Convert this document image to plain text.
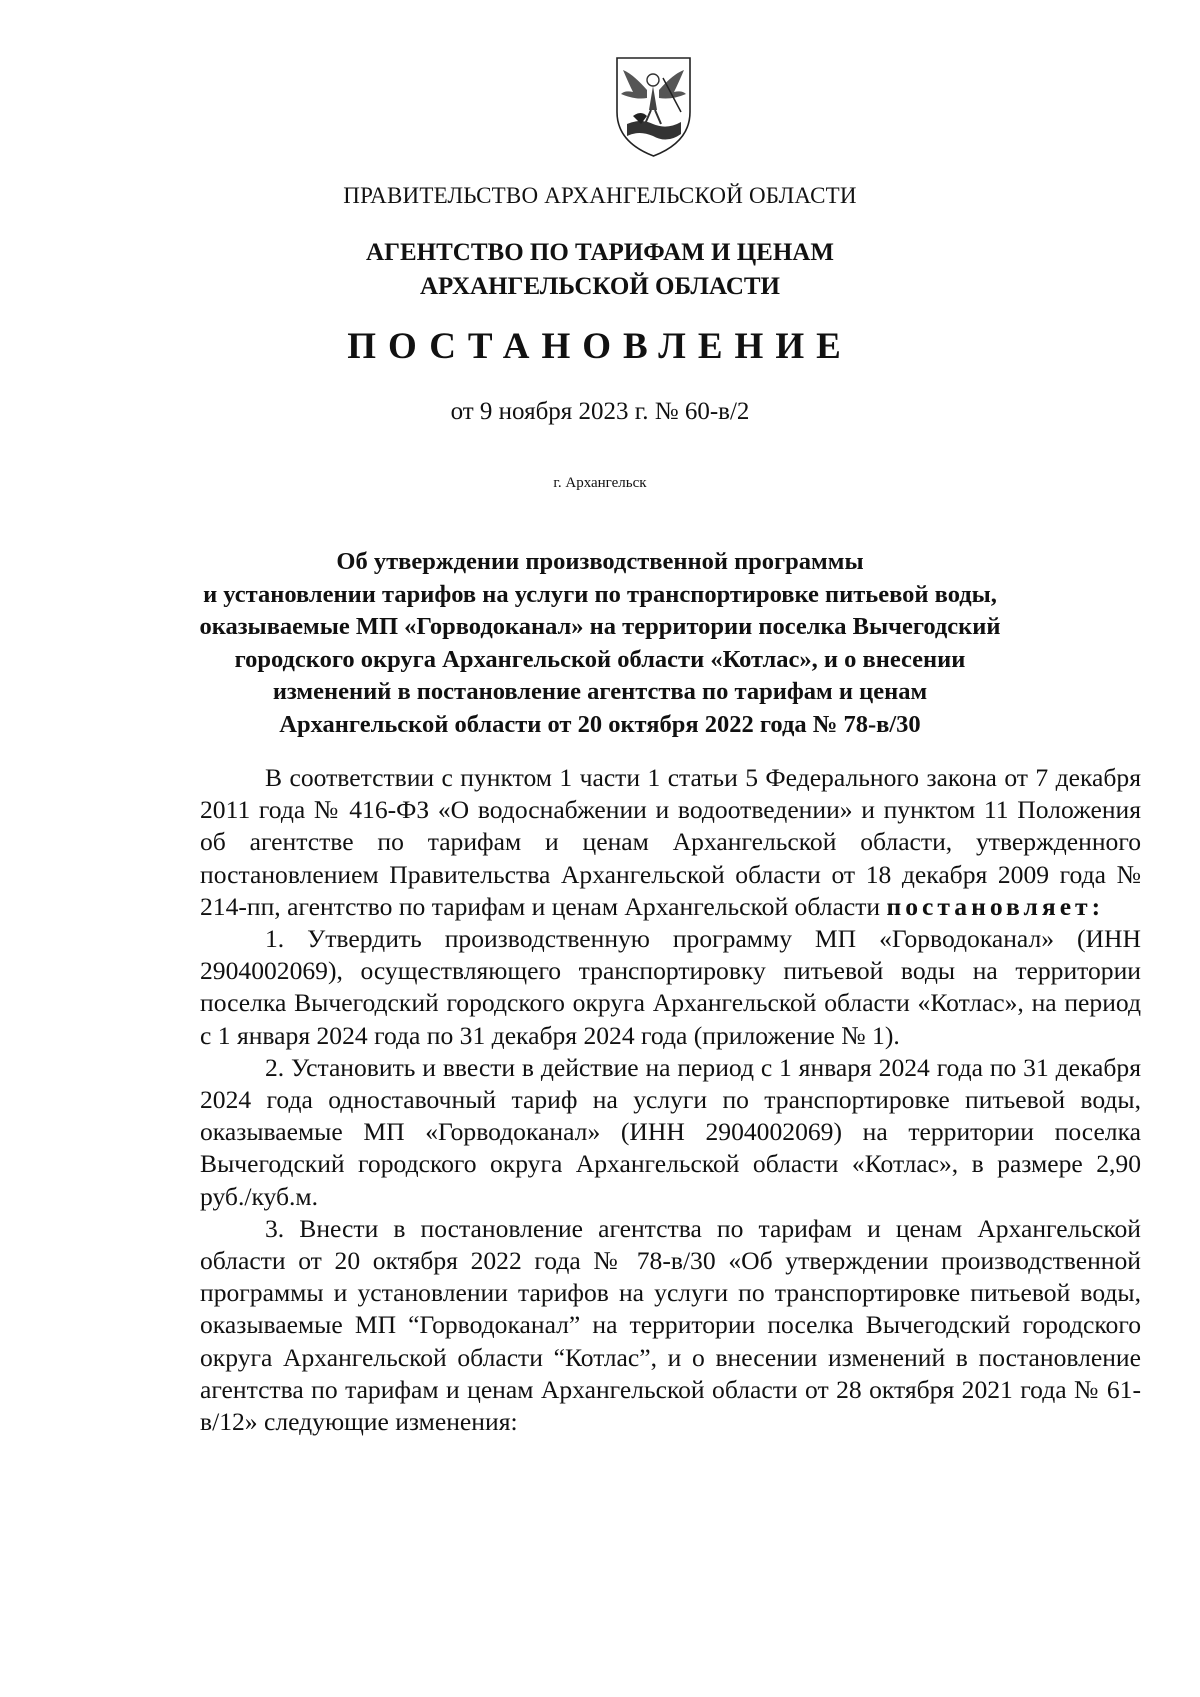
ПРАВИТЕЛЬСТВО АРХАНГЕЛЬСКОЙ ОБЛАСТИ
АГЕНТСТВО ПО ТАРИФАМ И ЦЕНАМ
АРХАНГЕЛЬСКОЙ ОБЛАСТИ
ПОСТАНОВЛЕНИЕ
от 9 ноября 2023 г. № 60-в/2
г. Архангельск
Об утверждении производственной программы
и установлении тарифов на услуги по транспортировке питьевой воды,
оказываемые МП «Горводоканал» на территории поселка Вычегодский
городского округа Архангельской области «Котлас», и о внесении
изменений в постановление агентства по тарифам и ценам
Архангельской области от 20 октября 2022 года № 78-в/30

В соответствии с пунктом 1 части 1 статьи 5 Федерального закона от 7 декабря 2011 года № 416-ФЗ «О водоснабжении и водоотведении» и пунктом 11 Положения об агентстве по тарифам и ценам Архангельской области, утвержденного постановлением Правительства Архангельской области от 18 декабря 2009 года № 214-пп, агентство по тарифам и ценам Архангельской области постановляет:

1. Утвердить производственную программу МП «Горводоканал» (ИНН 2904002069), осуществляющего транспортировку питьевой воды на территории поселка Вычегодский городского округа Архангельской области «Котлас», на период с 1 января 2024 года по 31 декабря 2024 года (приложение № 1).

2. Установить и ввести в действие на период с 1 января 2024 года по 31 декабря 2024 года одноставочный тариф на услуги по транспортировке питьевой воды, оказываемые МП «Горводоканал» (ИНН 2904002069) на территории поселка Вычегодский городского округа Архангельской области «Котлас», в размере 2,90 руб./куб.м.

3. Внести в постановление агентства по тарифам и ценам Архангельской области от 20 октября 2022 года № 78-в/30 «Об утверждении производственной программы и установлении тарифов на услуги по транспортировке питьевой воды, оказываемые МП “Горводоканал” на территории поселка Вычегодский городского округа Архангельской области “Котлас”, и о внесении изменений в постановление агентства по тарифам и ценам Архангельской области от 28 октября 2021 года № 61-в/12» следующие изменения:
